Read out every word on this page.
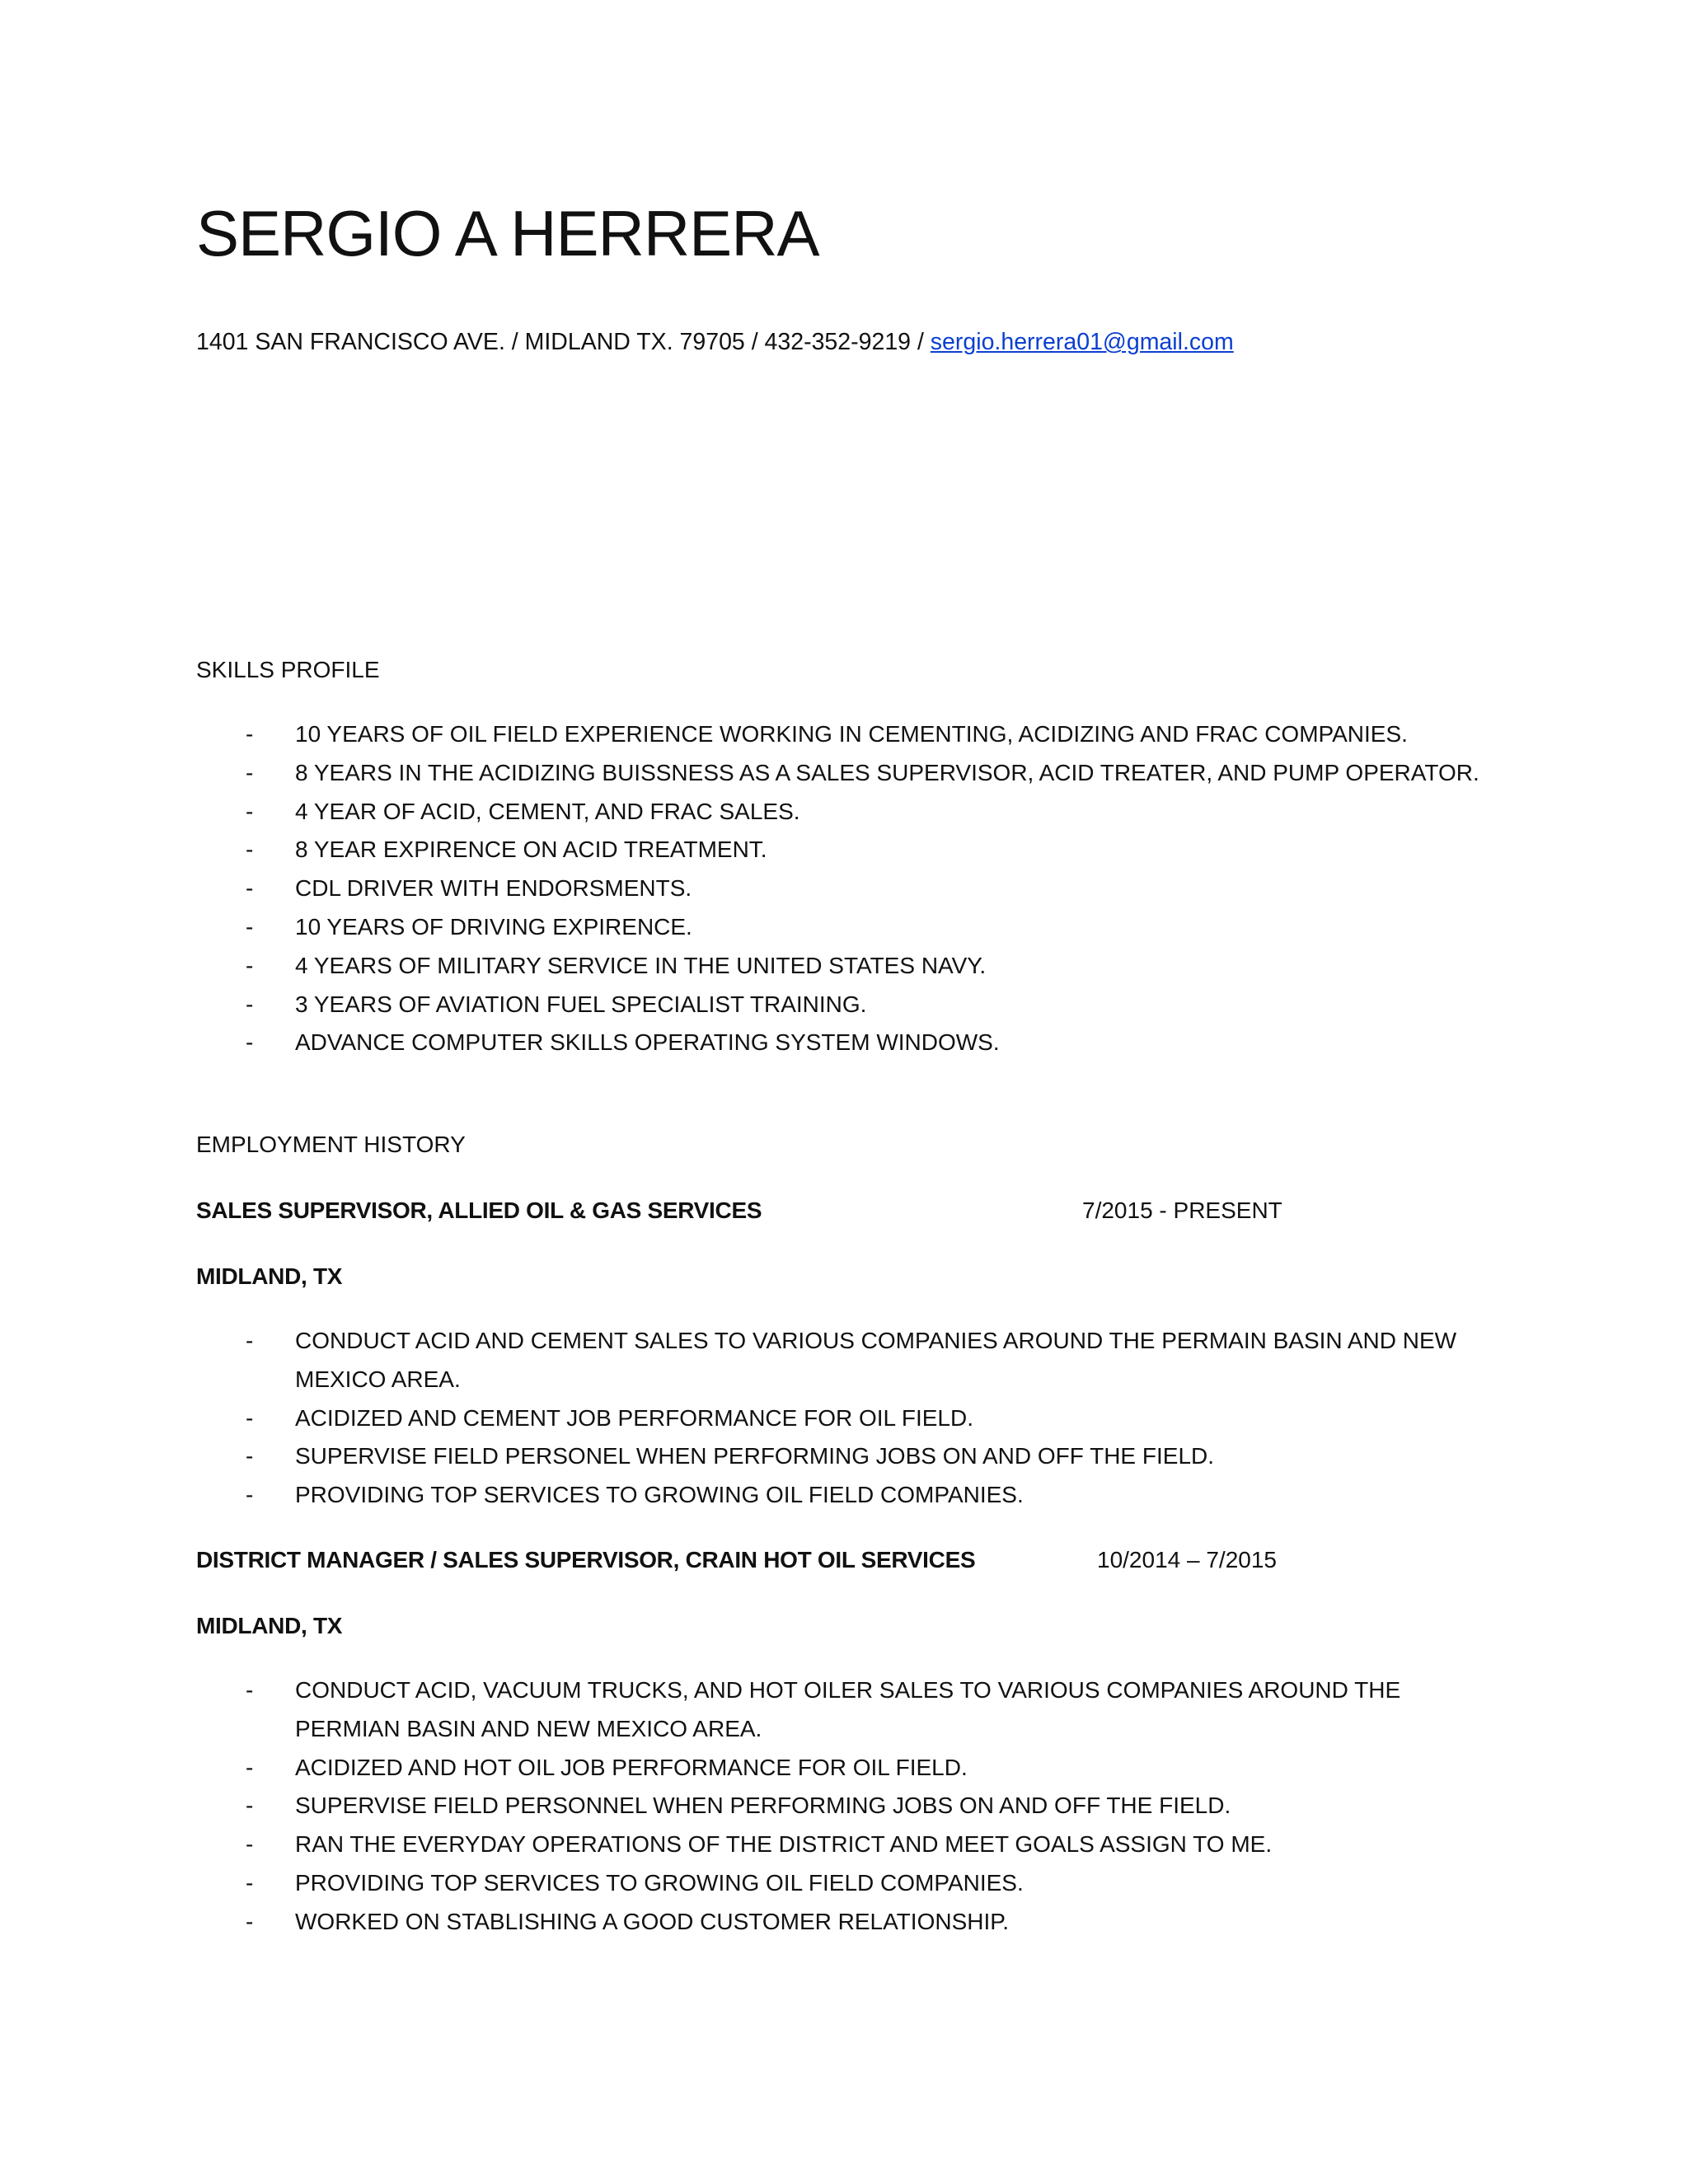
SERGIO A HERRERA
1401 SAN FRANCISCO AVE. / MIDLAND TX. 79705 / 432-352-9219 / sergio.herrera01@gmail.com
SKILLS PROFILE
- 10 YEARS OF OIL FIELD EXPERIENCE WORKING IN CEMENTING, ACIDIZING AND FRAC COMPANIES.
- 8 YEARS IN THE ACIDIZING BUISSNESS AS A SALES SUPERVISOR, ACID TREATER, AND PUMP OPERATOR.
- 4 YEAR OF ACID, CEMENT, AND FRAC SALES.
- 8 YEAR EXPIRENCE ON ACID TREATMENT.
- CDL DRIVER WITH ENDORSMENTS.
- 10 YEARS OF DRIVING EXPIRENCE.
- 4 YEARS OF MILITARY SERVICE IN THE UNITED STATES NAVY.
- 3 YEARS OF AVIATION FUEL SPECIALIST TRAINING.
- ADVANCE COMPUTER SKILLS OPERATING SYSTEM WINDOWS.
EMPLOYMENT HISTORY
SALES SUPERVISOR, ALLIED OIL & GAS SERVICES	7/2015 - PRESENT
MIDLAND, TX
- CONDUCT ACID AND CEMENT SALES TO VARIOUS COMPANIES AROUND THE PERMAIN BASIN AND NEW MEXICO AREA.
- ACIDIZED AND CEMENT JOB PERFORMANCE FOR OIL FIELD.
- SUPERVISE FIELD PERSONEL WHEN PERFORMING JOBS ON AND OFF THE FIELD.
- PROVIDING TOP SERVICES TO GROWING OIL FIELD COMPANIES.
DISTRICT MANAGER / SALES SUPERVISOR, CRAIN HOT OIL SERVICES	10/2014 – 7/2015
MIDLAND, TX
- CONDUCT ACID, VACUUM TRUCKS, AND HOT OILER SALES TO VARIOUS COMPANIES AROUND THE PERMIAN BASIN AND NEW MEXICO AREA.
- ACIDIZED AND HOT OIL JOB PERFORMANCE FOR OIL FIELD.
- SUPERVISE FIELD PERSONNEL WHEN PERFORMING JOBS ON AND OFF THE FIELD.
- RAN THE EVERYDAY OPERATIONS OF THE DISTRICT AND MEET GOALS ASSIGN TO ME.
- PROVIDING TOP SERVICES TO GROWING OIL FIELD COMPANIES.
- WORKED ON STABLISHING A GOOD CUSTOMER RELATIONSHIP.
